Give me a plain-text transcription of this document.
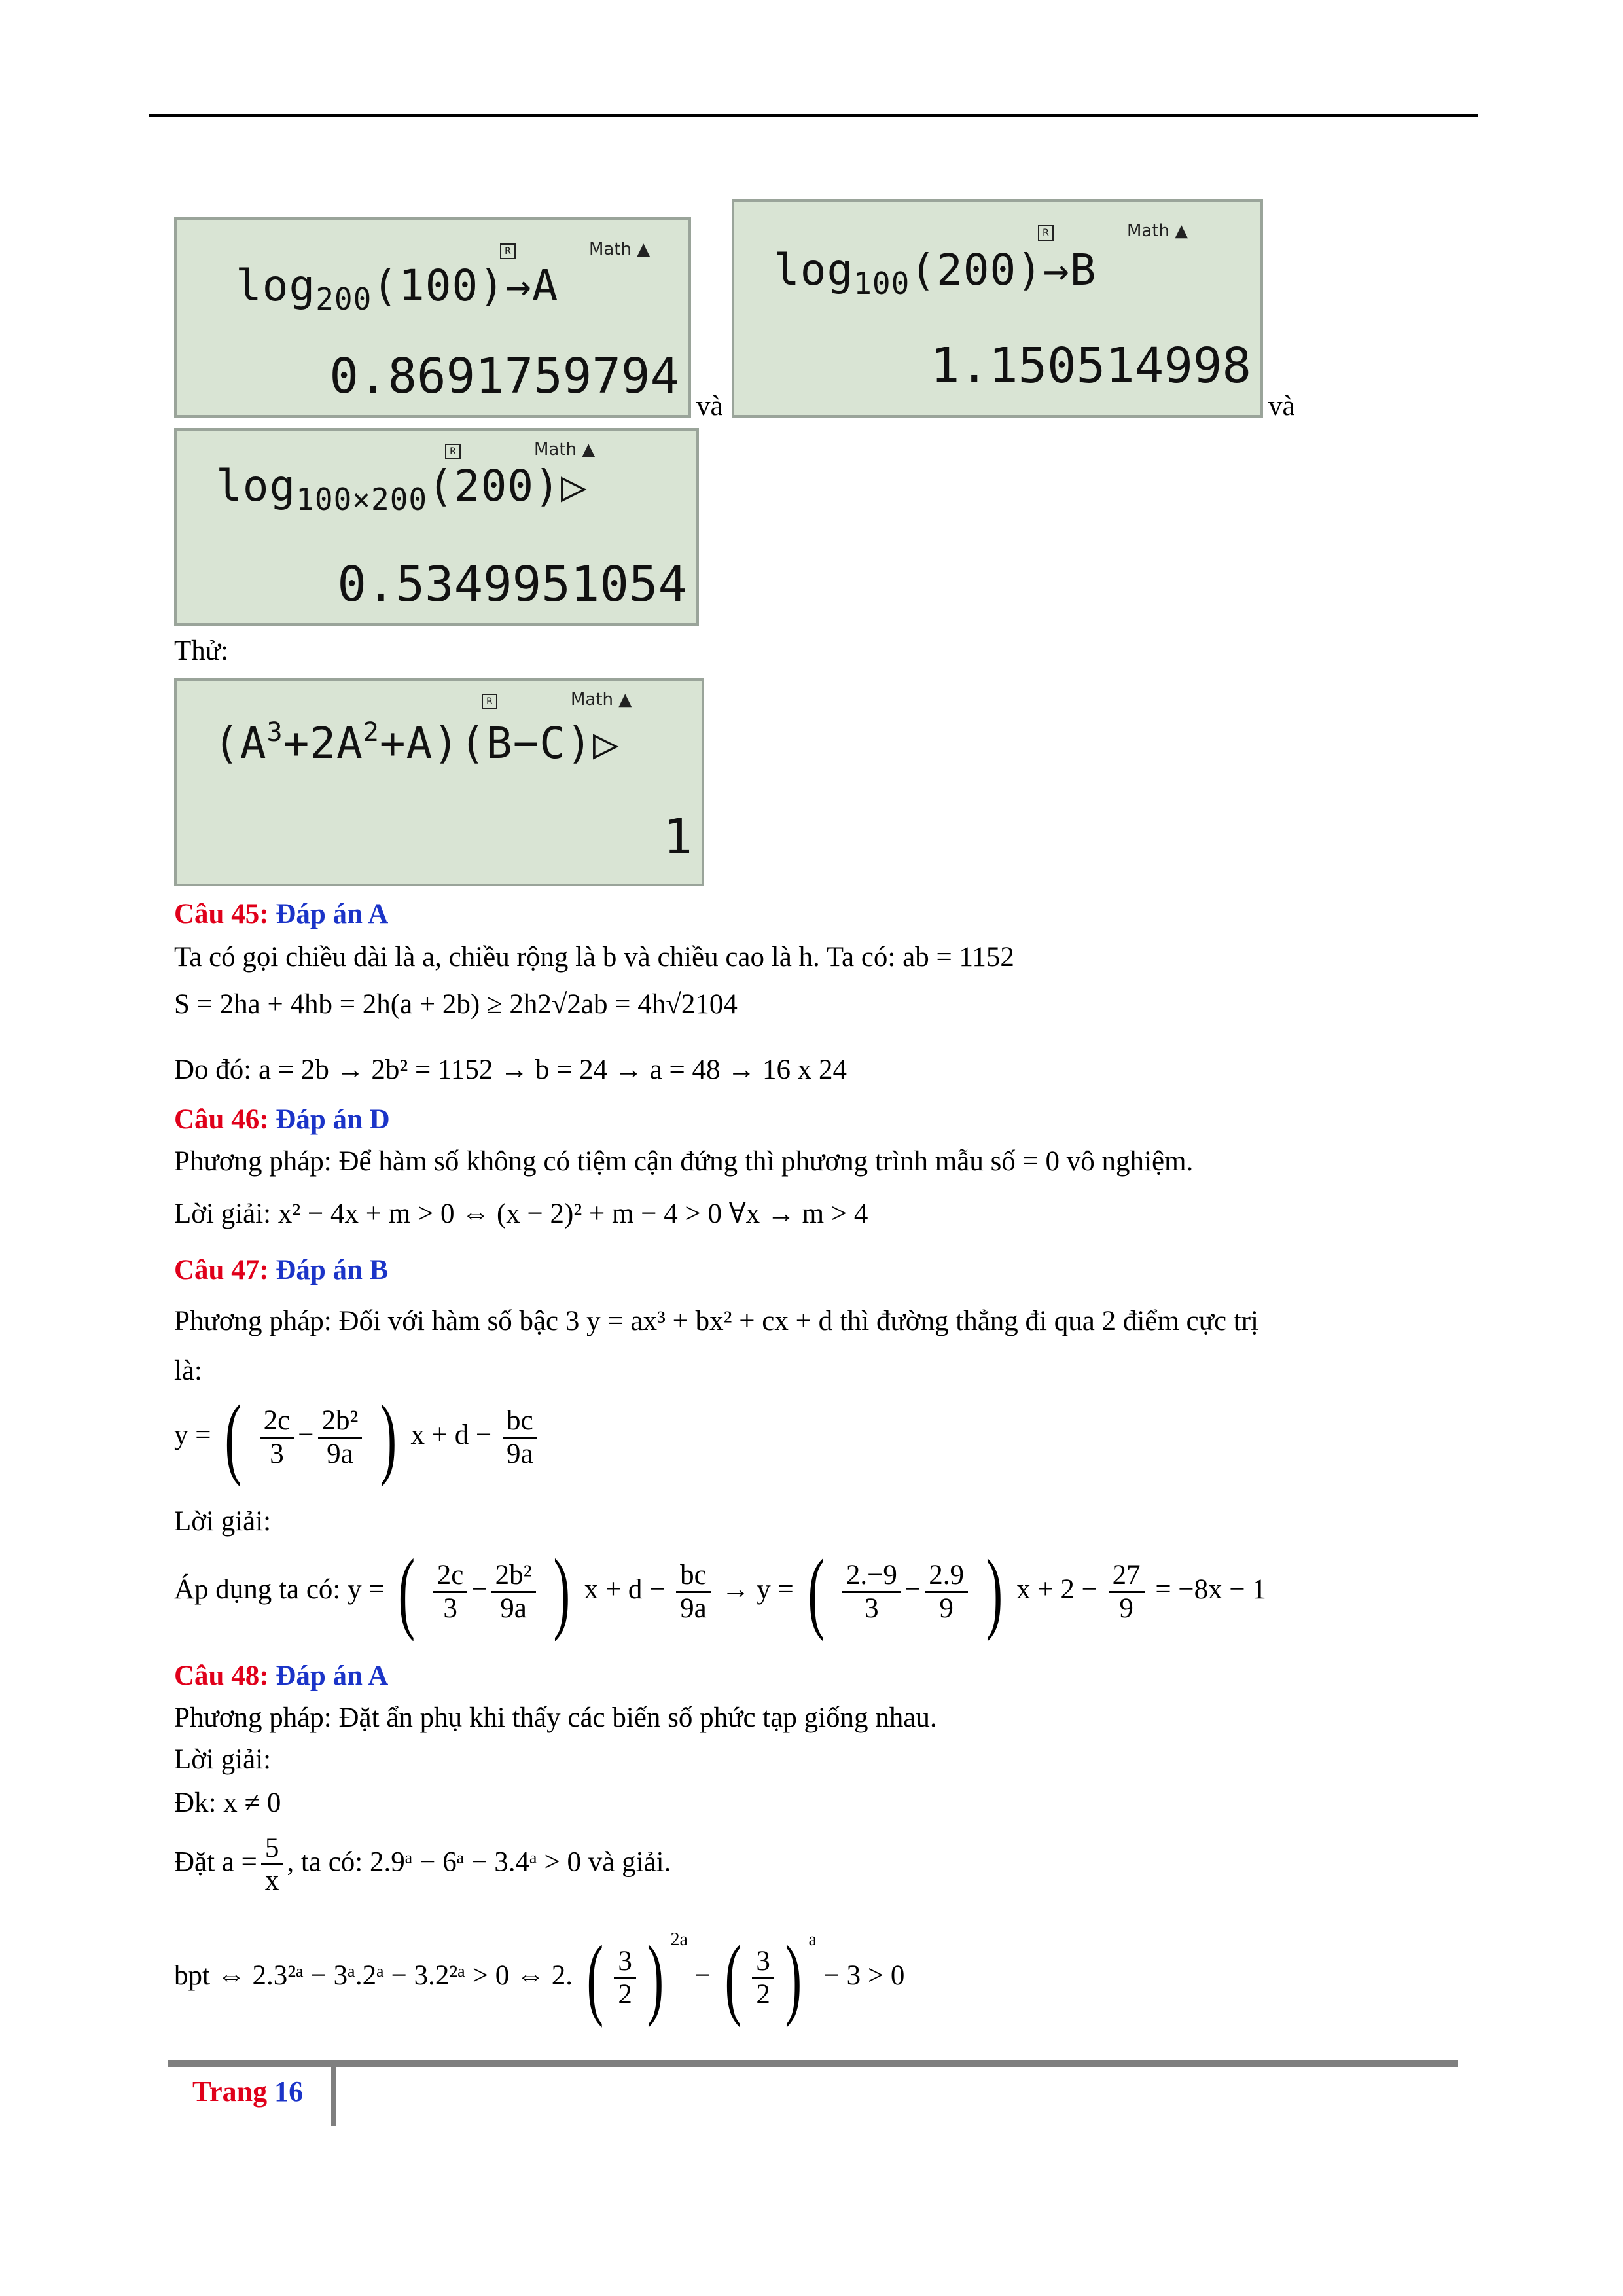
R	Math ▲
$\log_{200}(100)\to A$
0.8691759794
và
R	Math ▲
$\log_{100}(200)\to B$
1.150514998
và
R	Math ▲
$\log_{100\times 200}(200)▷$
0.5349951054
Thử:
R	Math ▲
$(A^3+2A^2+A)(B-C)▷$
1
Câu 45: Đáp án A
Ta có gọi chiều dài là a, chiều rộng là b và chiều cao là h. Ta có: ab = 1152
S = 2ha + 4hb = 2h(a + 2b) ≥ 2h2√2ab = 4h√2104
Do đó: a = 2b → 2b² = 1152 → b = 24 → a = 48 → 16 x 24
Câu 46: Đáp án D
Phương pháp: Để hàm số không có tiệm cận đứng thì phương trình mẫu số = 0 vô nghiệm.
Lời giải: x² − 4x + m > 0 ⇔ (x − 2)² + m − 4 > 0 ∀x → m > 4
Câu 47: Đáp án B
Phương pháp: Đối với hàm số bậc 3 y = ax³ + bx² + cx + d thì đường thẳng đi qua 2 điểm cực trị
là:
y = ( $\frac{2c}{3} - \frac{\text{2b²}}{9a}$ ) $x + d - \frac{bc}{9a}$
Lời giải:
Áp dụng ta có: y = ( $\frac{2c}{3} - \frac{\text{2b²}}{9a}$ ) $x + d - \frac{bc}{9a} \to y$ = ( $\frac{2.-9}{3} - \frac{2.9}{9}$ ) $x + 2 - \frac{27}{9} = -8x - 1$
Câu 48: Đáp án A
Phương pháp: Đặt ẩn phụ khi thấy các biến số phức tạp giống nhau.
Lời giải:
Đk: x ≠ 0
Đặt $a = \frac{5}{x}$ , ta có: 2.9ᵃ − 6ᵃ − 3.4ᵃ > 0 và giải.
bpt ⇔ 2.3²ᵃ − 3ᵃ.2ᵃ − 3.2²ᵃ > 0 ⇔ 2. ( $\frac{3}{2}$ ) $^{2a}$ − ( $\frac{3}{2}$ ) $^a$ − 3 > 0
Trang 16
